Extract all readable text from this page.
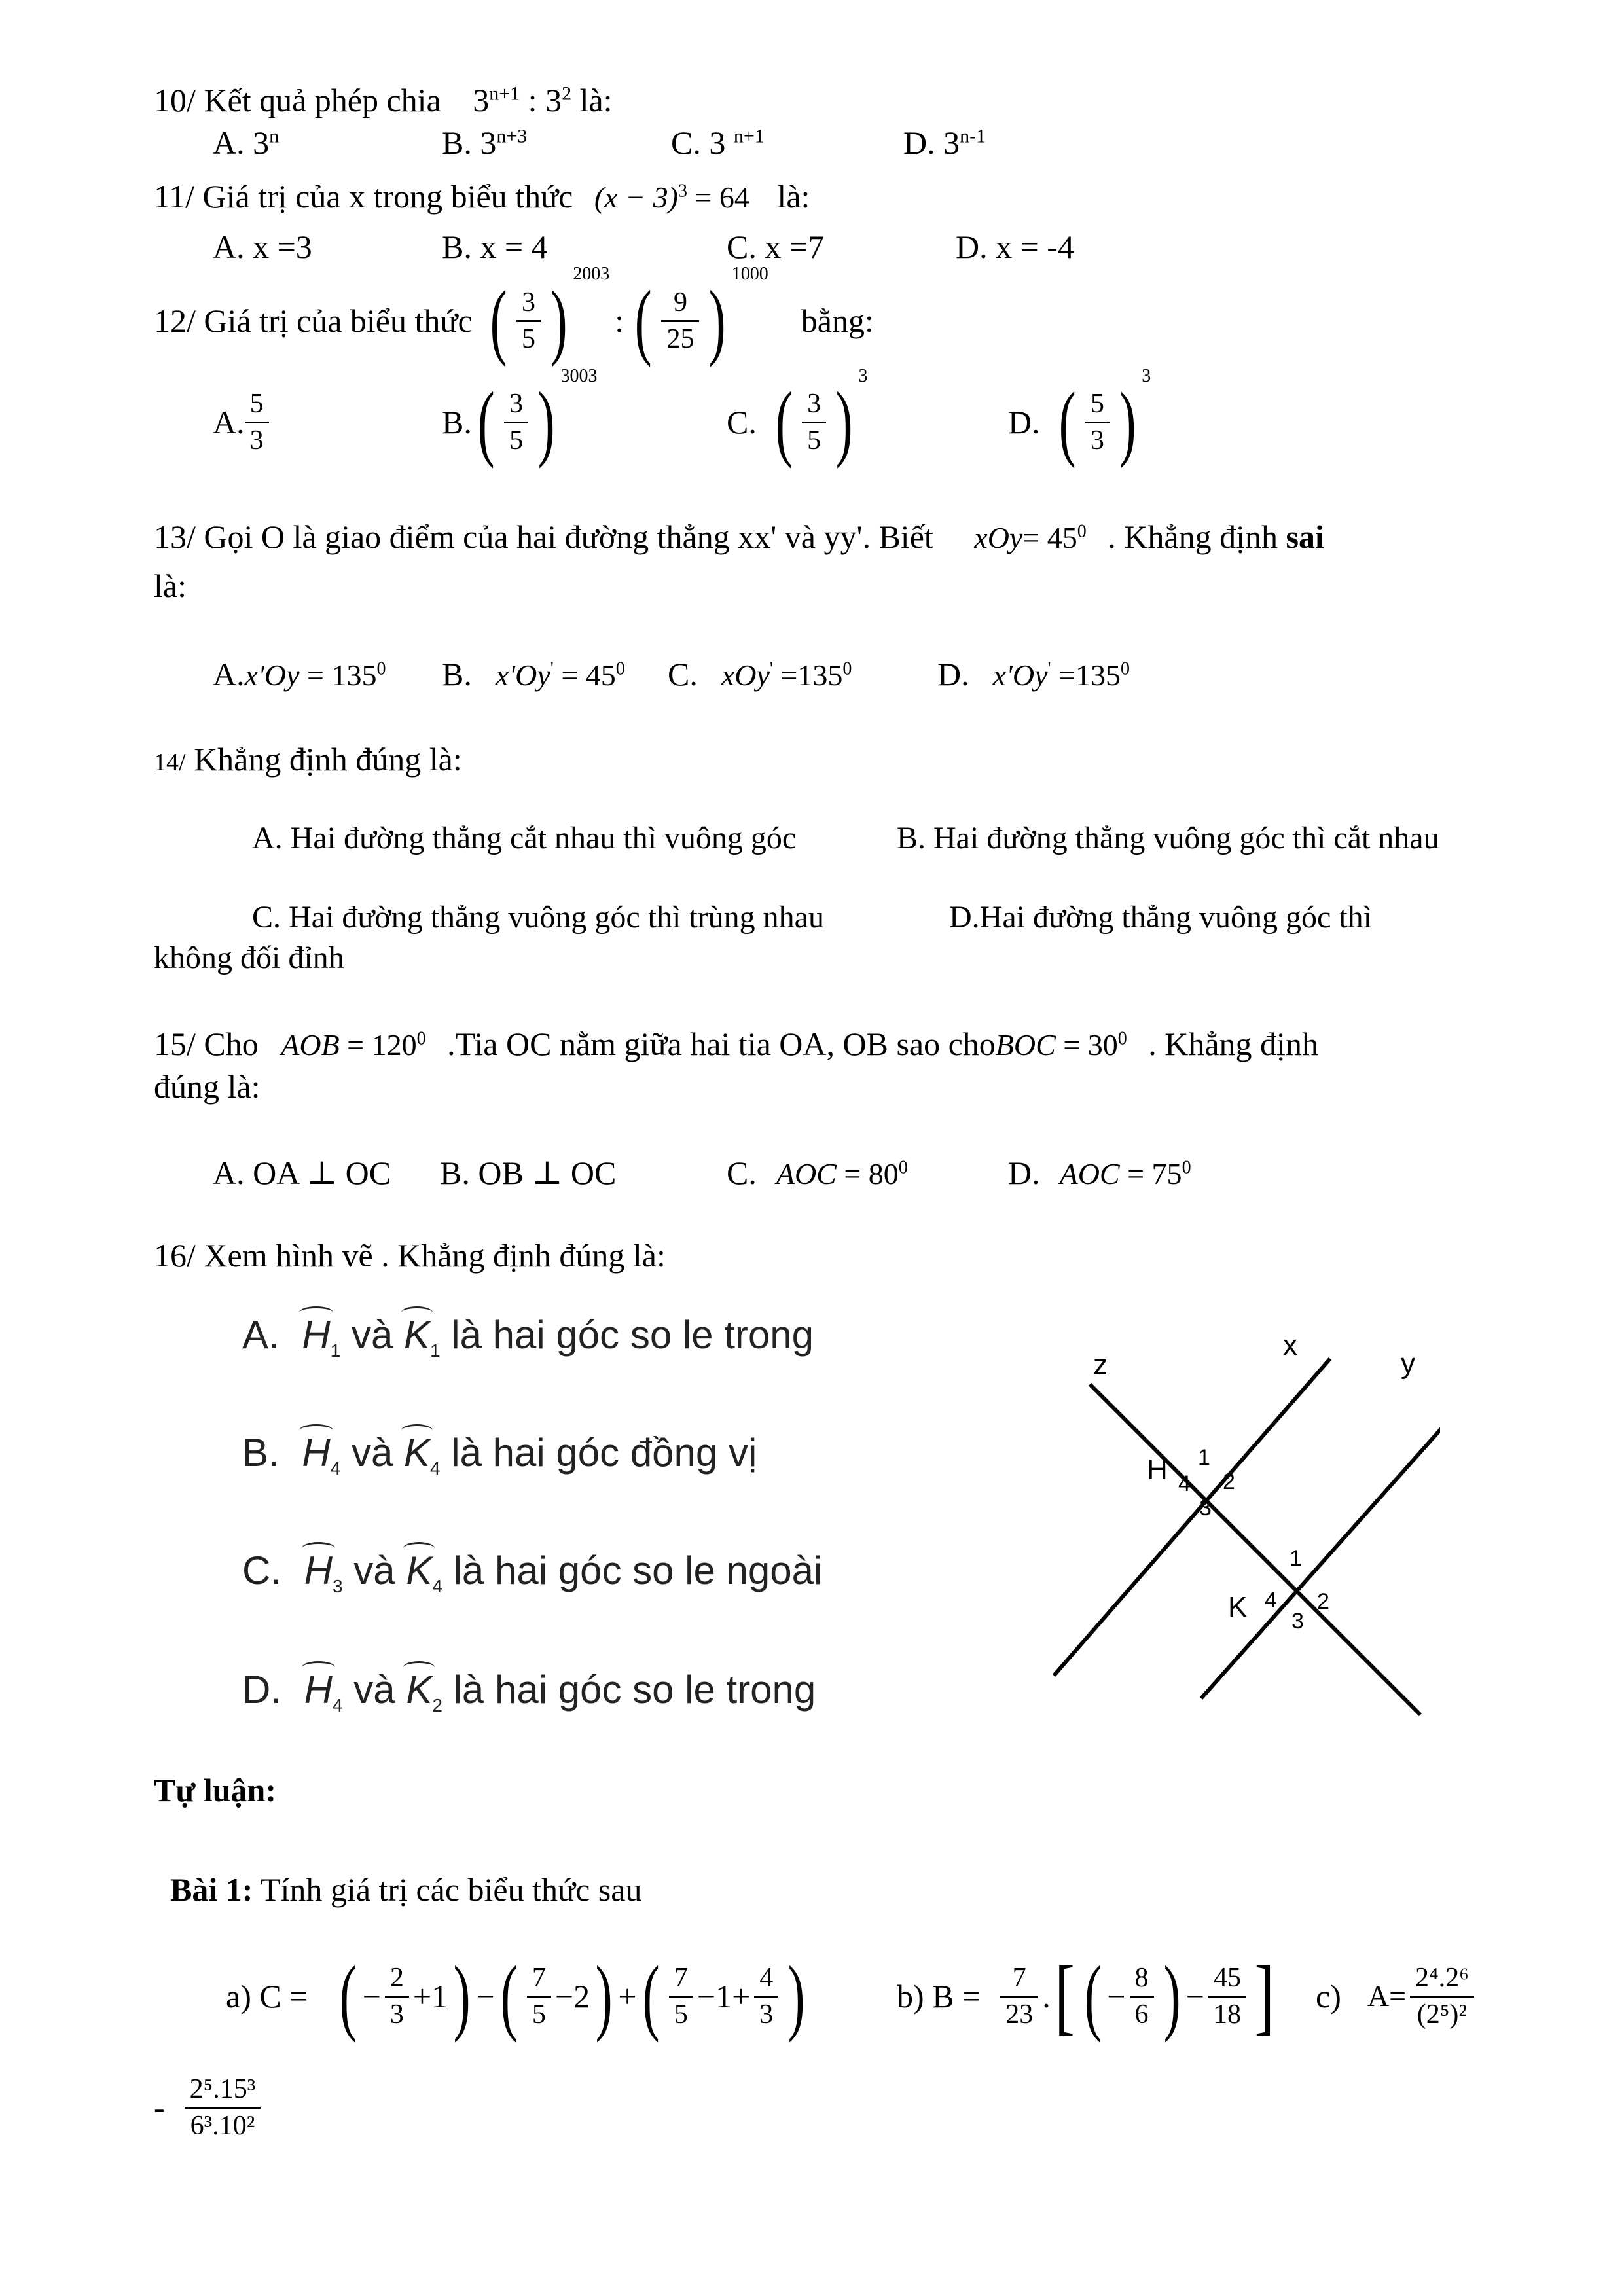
10/ Kết quả phép chia $3^{n+1}$ : $3^2$ là:
A. 3$^n$	B. $3^{n+3}$	C. 3 $^{n+1}$	D. 3$^{n-1}$
11/ Giá trị của x trong biểu thức $(x - 3)^3 = 64$ là:
A. x =3	B. x = 4	C. x =7	D. x = -4
12/ Giá trị của biểu thức ( $\frac{3}{5}$ ) 2003
: ( $\frac{9}{25}$ ) 1000
bằng:
A. $\frac{5}{3}$	B. ( $\frac{3}{5}$ ) 3003
C. ( $\frac{3}{5}$ ) 3
D. ( $\frac{5}{3}$ ) 3
13/ Gọi O là giao điểm của hai đường thẳng xx' và yy'. Biết $xOy= 45^0$ . Khẳng định sai
là:
$A.x'Oy = 135^0$ B. $x'Oy' = 45^0$ C. $xOy' =135^0$	D. $x'Oy' =135^0$
14/ Khẳng định đúng là:
A. Hai đường thẳng cắt nhau thì vuông góc	B. Hai đường thẳng vuông góc thì cắt nhau
C. Hai đường thẳng vuông góc thì trùng nhau	D.Hai đường thẳng vuông góc thì
không đối đỉnh
15/ Cho AOB = $120^0$ .Tia OC nằm giữa hai tia OA, OB sao choBOC = $30^0$ . Khẳng định
đúng là:
A. OA ⊥ OC B. OB ⊥ OC	C. AOC = $80^0$	D. AOC = $75^0$
16/ Xem hình vẽ . Khẳng định đúng là:
A. $H_1$ và $K_1$ là hai góc so le trong
B. $H_4$ và $K_4$ là hai góc đồng vị
C. $H_3$ và $K_4$ là hai góc so le ngoài
D. $H_4$ và $K_2$ là hai góc so le trong
z
x
y
H 1
2
3
4
K
1
2
3
4
Tự luận:
Bài 1: Tính giá trị các biểu thức sau
a) C = ( − $\frac{2}{3} +1$ ) − ( $\frac{7}{5} -2$ ) + ( $\frac{7}{5} -1+ \frac{4}{3}$ )	b) $B = \frac{7}{23}$ . [ ( − $\frac{8}{6}$ ) − $\frac{45}{18}$ ] c) $A= \frac{\text{2⁴.2⁶}}{\text{(2⁵)²}}$
- $\frac{\text{2⁵.15³}}{\text{6³.10²}}$
